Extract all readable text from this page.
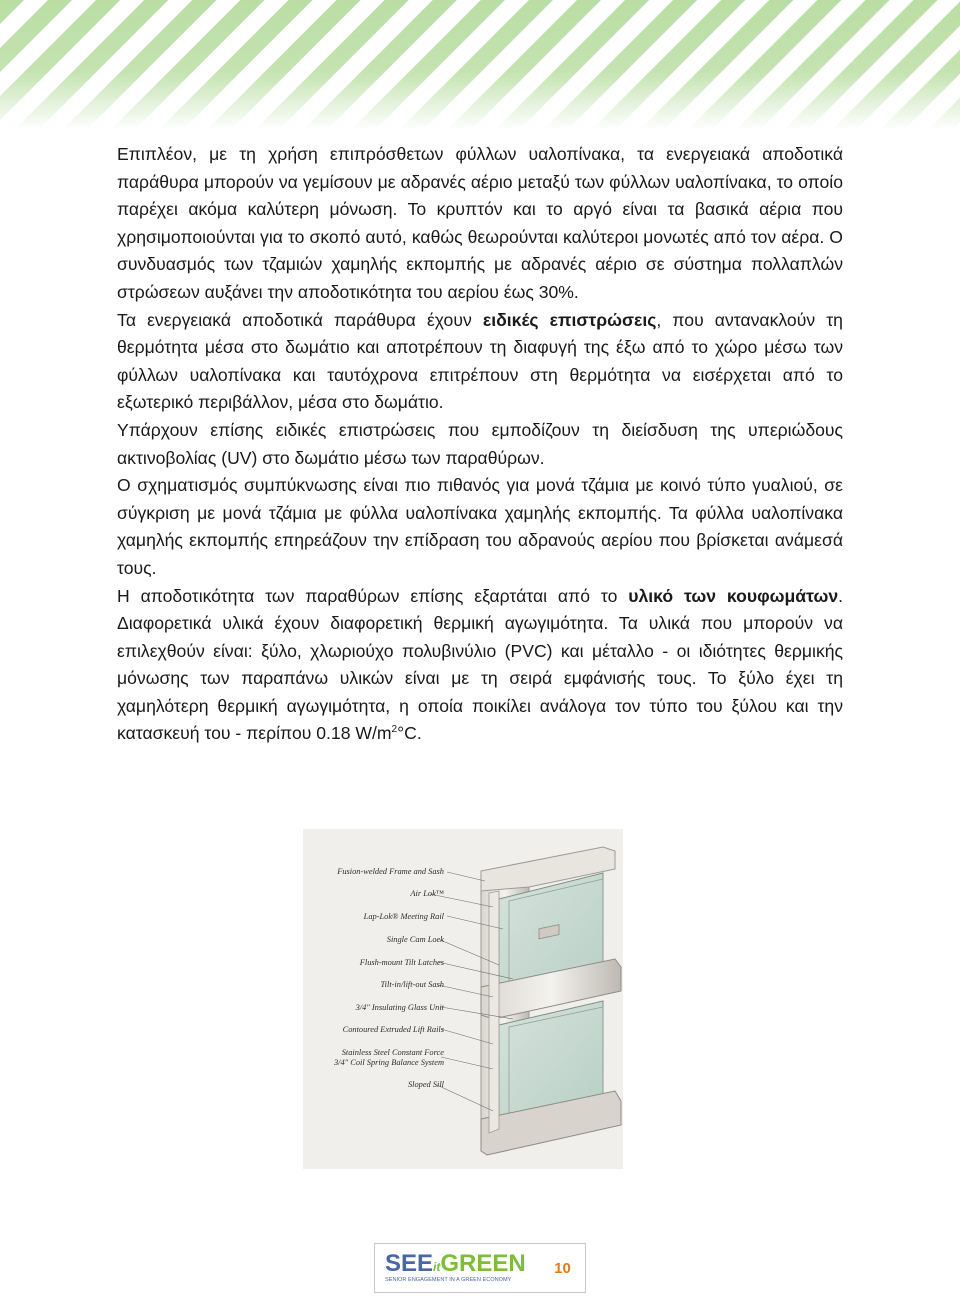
Επιπλέον, με τη χρήση επιπρόσθετων φύλλων υαλοπίνακα, τα ενεργειακά αποδοτικά παράθυρα μπορούν να γεμίσουν με αδρανές αέριο μεταξύ των φύλλων υαλοπίνακα, το οποίο παρέχει ακόμα καλύτερη μόνωση. Το κρυπτόν και το αργό είναι τα βασικά αέρια που χρησιμοποιούνται για το σκοπό αυτό, καθώς θεωρούνται καλύτεροι μονωτές από τον αέρα. Ο συνδυασμός των τζαμιών χαμηλής εκπομπής με αδρανές αέριο σε σύστημα πολλαπλών στρώσεων αυξάνει την αποδοτικότητα του αερίου έως 30%.

Τα ενεργειακά αποδοτικά παράθυρα έχουν ειδικές επιστρώσεις, που αντανακλούν τη θερμότητα μέσα στο δωμάτιο και αποτρέπουν τη διαφυγή της έξω από το χώρο μέσω των φύλλων υαλοπίνακα και ταυτόχρονα επιτρέπουν στη θερμότητα να εισέρχεται από το εξωτερικό περιβάλλον, μέσα στο δωμάτιο.

Υπάρχουν επίσης ειδικές επιστρώσεις που εμποδίζουν τη διείσδυση της υπεριώδους ακτινοβολίας (UV) στο δωμάτιο μέσω των παραθύρων.

Ο σχηματισμός συμπύκνωσης είναι πιο πιθανός για μονά τζάμια με κοινό τύπο γυαλιού, σε σύγκριση με μονά τζάμια με φύλλα υαλοπίνακα χαμηλής εκπομπής. Τα φύλλα υαλοπίνακα χαμηλής εκπομπής επηρεάζουν την επίδραση του αδρανούς αερίου που βρίσκεται ανάμεσά τους.

Η αποδοτικότητα των παραθύρων επίσης εξαρτάται από το υλικό των κουφωμάτων. Διαφορετικά υλικά έχουν διαφορετική θερμική αγωγιμότητα. Τα υλικά που μπορούν να επιλεχθούν είναι: ξύλο, χλωριούχο πολυβινύλιο (PVC) και μέταλλο - οι ιδιότητες θερμικής μόνωσης των παραπάνω υλικών είναι με τη σειρά εμφάνισής τους. Το ξύλο έχει τη χαμηλότερη θερμική αγωγιμότητα, η οποία ποικίλει ανάλογα τον τύπο του ξύλου και την κατασκευή του - περίπου 0.18 $W/m^2^\circ C$.

Fusion-welded Frame and Sash
Air Lok™
Lap-Lok® Meeting Rail
Single Cam Lock
Flush-mount Tilt Latches
Tilt-in/lift-out Sash
3/4" Insulating Glass Unit
Contoured Extruded Lift Rails
Stainless Steel Constant Force
3/4" Coil Spring Balance System
Sloped Sill
SEEitGREEN
SENIOR ENGAGEMENT IN A GREEN ECONOMY
10
